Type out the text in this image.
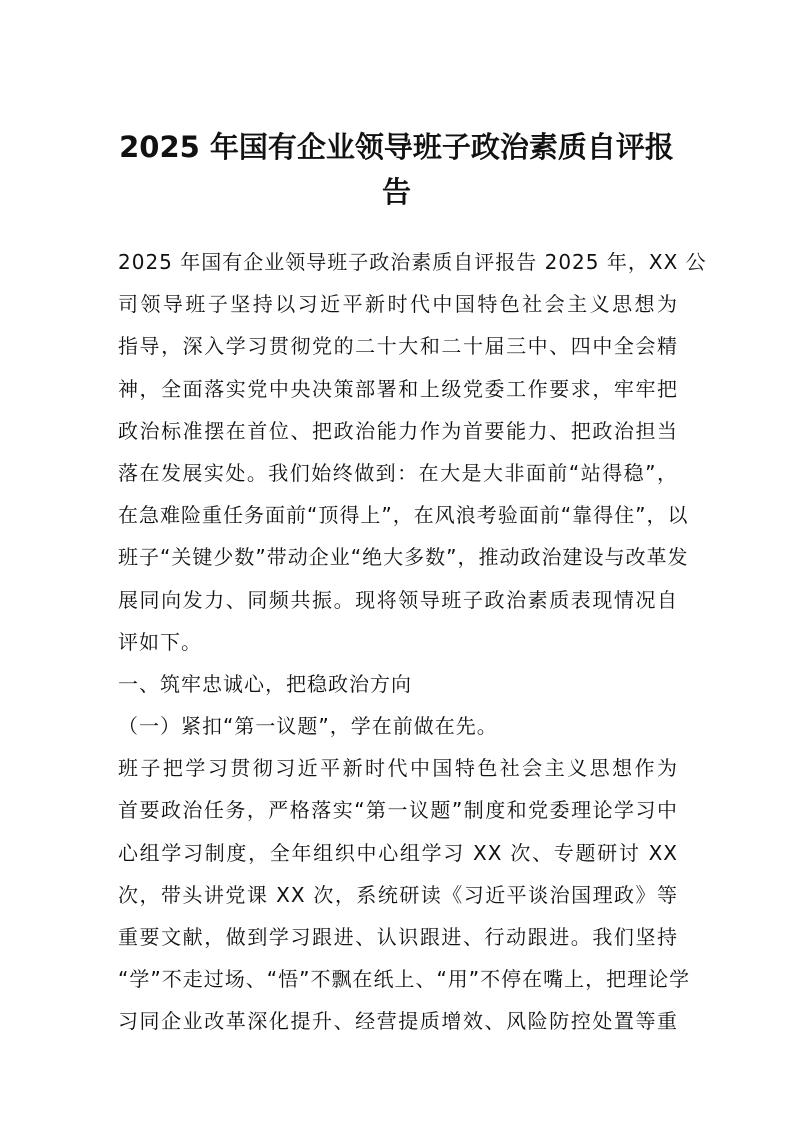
2025 年国有企业领导班子政治素质自评报
告
2025 年国有企业领导班子政治素质自评报告 2025 年，XX 公
司领导班子坚持以习近平新时代中国特色社会主义思想为
指导，深入学习贯彻党的二十大和二十届三中、四中全会精
神，全面落实党中央决策部署和上级党委工作要求，牢牢把
政治标准摆在首位、把政治能力作为首要能力、把政治担当
落在发展实处。我们始终做到：在大是大非面前“站得稳”，
在急难险重任务面前“顶得上”，在风浪考验面前“靠得住”，以
班子“关键少数”带动企业“绝大多数”，推动政治建设与改革发
展同向发力、同频共振。现将领导班子政治素质表现情况自
评如下。
一、筑牢忠诚心，把稳政治方向
（一）紧扣“第一议题”，学在前做在先。
班子把学习贯彻习近平新时代中国特色社会主义思想作为
首要政治任务，严格落实“第一议题”制度和党委理论学习中
心组学习制度，全年组织中心组学习 XX 次、专题研讨 XX
次，带头讲党课 XX 次，系统研读《习近平谈治国理政》等
重要文献，做到学习跟进、认识跟进、行动跟进。我们坚持
“学”不走过场、“悟”不飘在纸上、“用”不停在嘴上，把理论学
习同企业改革深化提升、经营提质增效、风险防控处置等重
